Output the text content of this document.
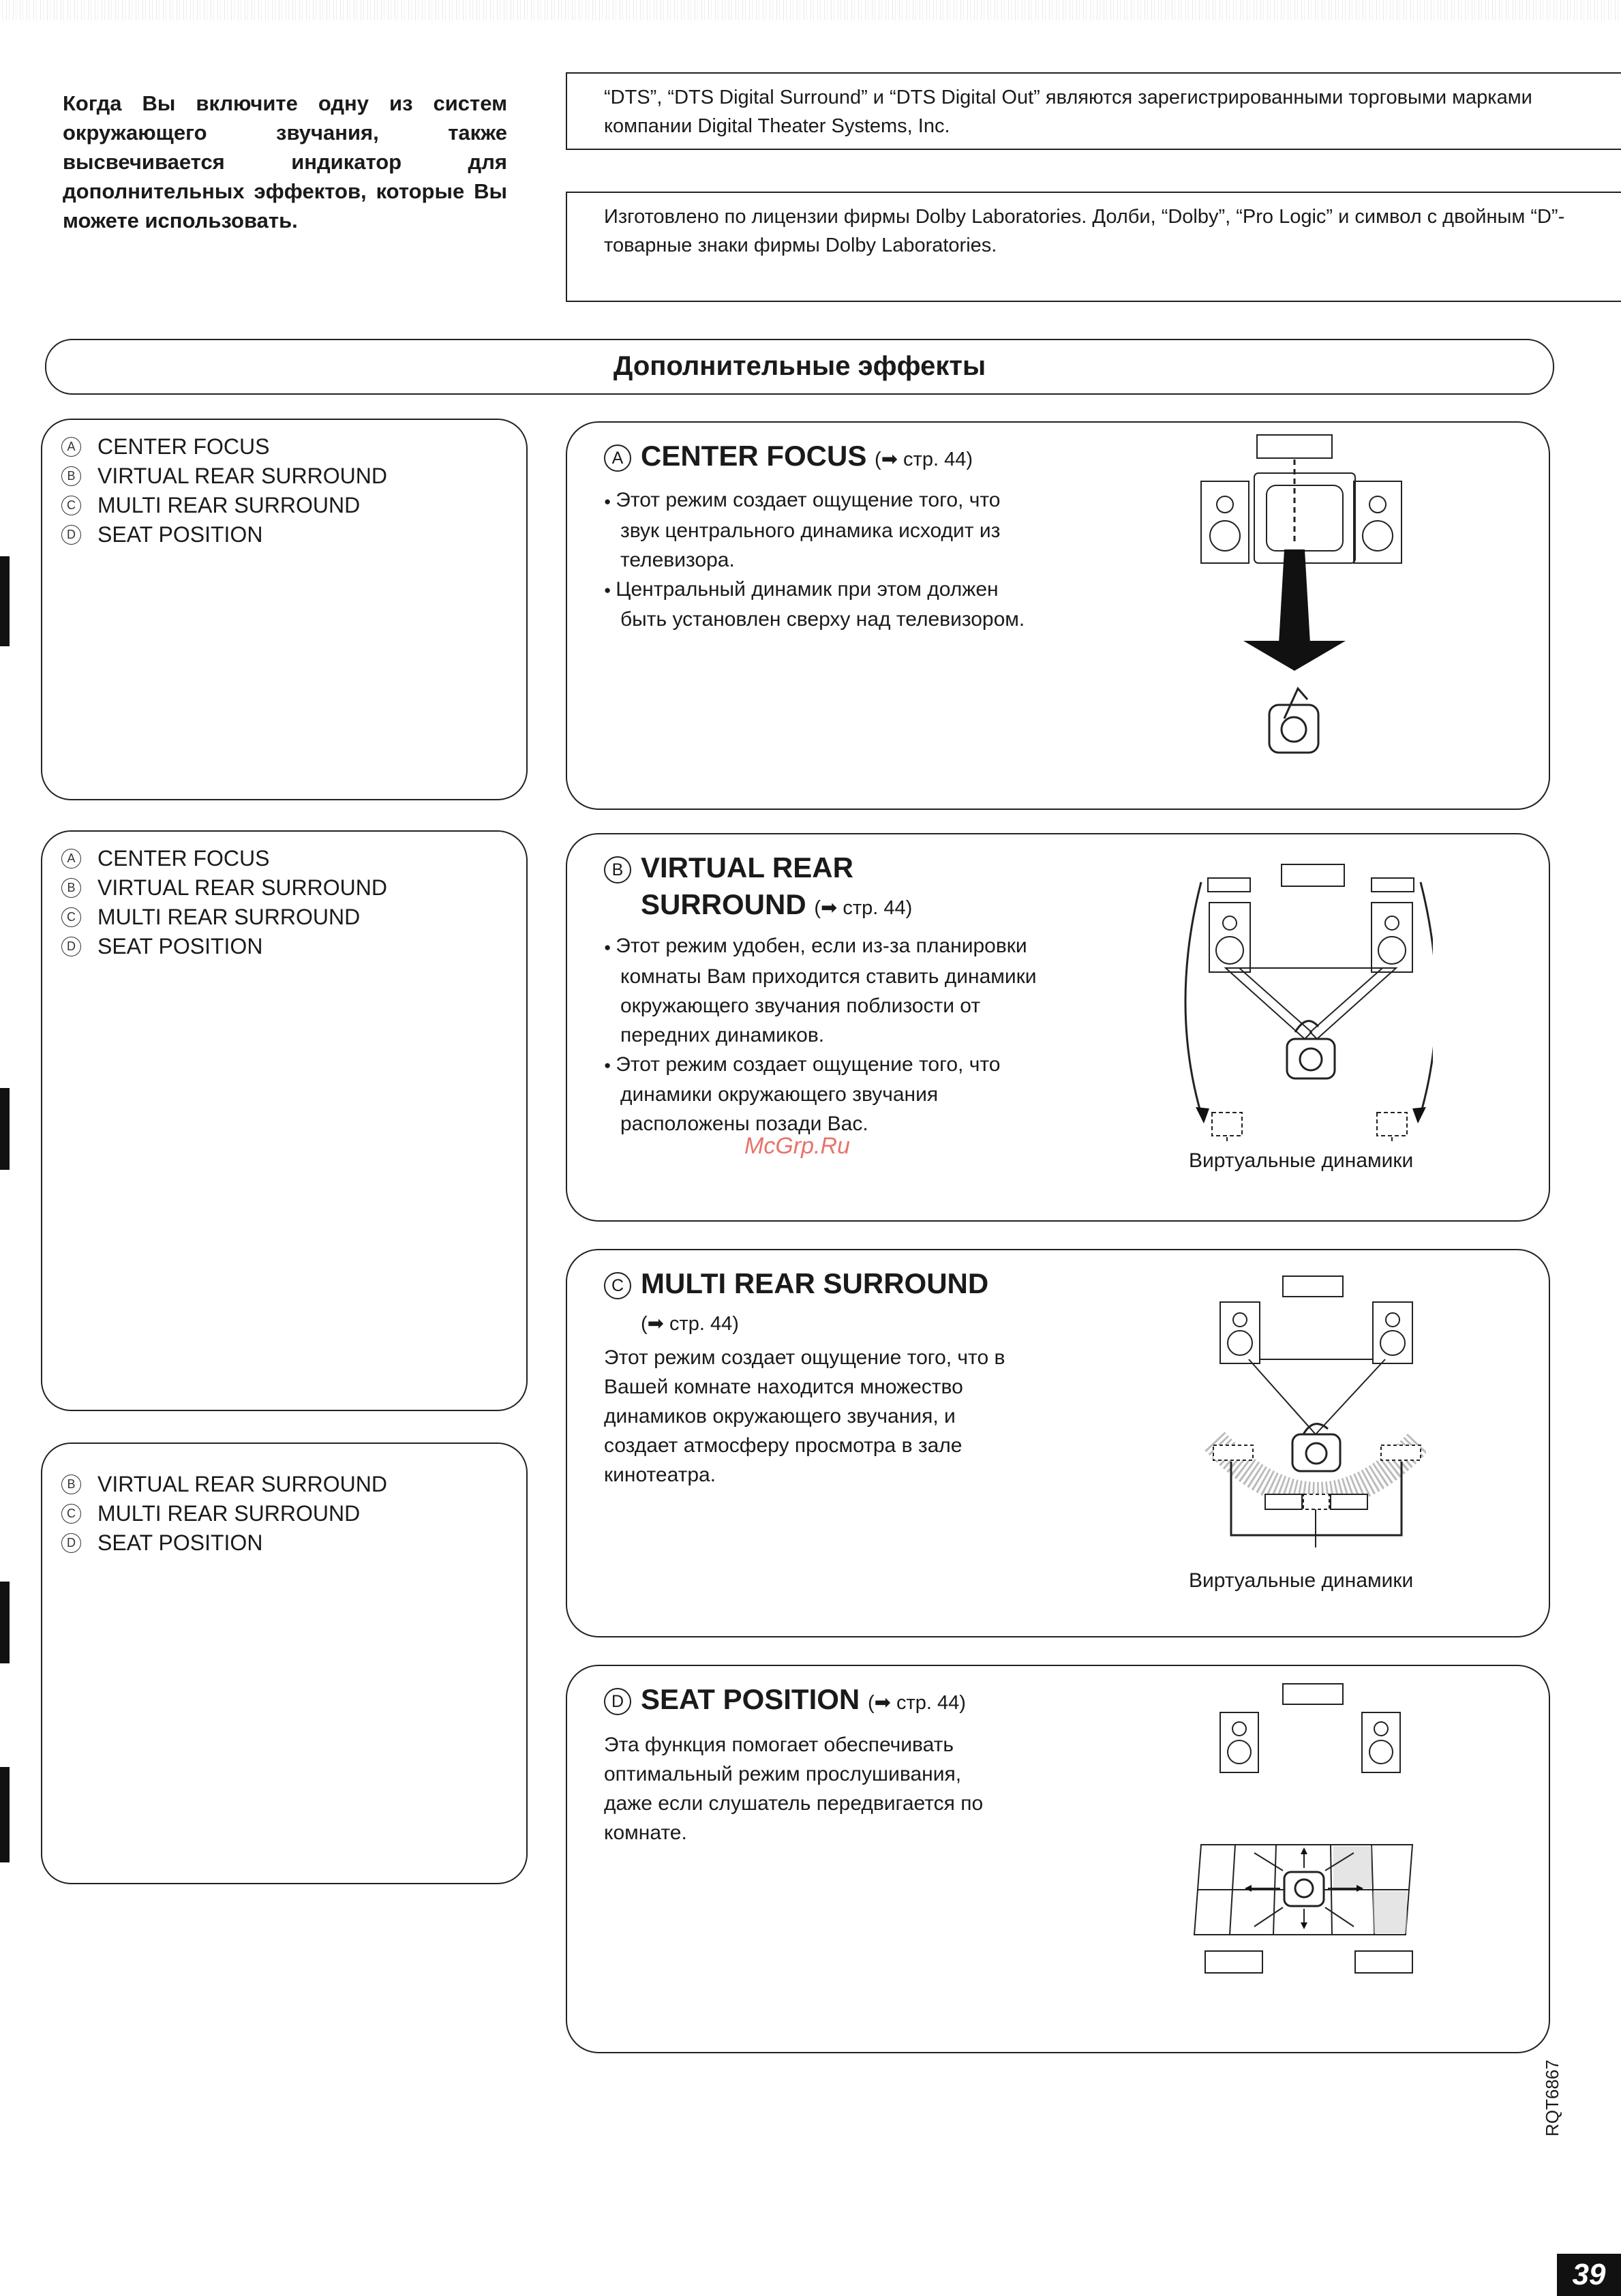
Когда Вы включите одну из систем окружающего звучания, также высвечивается индикатор для дополнительных эффектов, которые Вы можете использовать.
“DTS”, “DTS Digital Surround” и “DTS Digital Out” являются зарегистрированными торговыми марками компании Digital Theater Systems, Inc.
Изготовлено по лицензии фирмы Dolby Laboratories. Долби, “Dolby”, “Pro Logic” и символ с двойным “D”-товарные знаки фирмы Dolby Laboratories.
Дополнительные эффекты
A CENTER FOCUS
B VIRTUAL REAR SURROUND
C MULTI REAR SURROUND
D SEAT POSITION
A CENTER FOCUS
B VIRTUAL REAR SURROUND
C MULTI REAR SURROUND
D SEAT POSITION
B VIRTUAL REAR SURROUND
C MULTI REAR SURROUND
D SEAT POSITION
A CENTER FOCUS (➡ стр. 44)

● Этот режим создает ощущение того, что звук центрального динамика исходит из телевизора.

● Центральный динамик при этом должен быть установлен сверху над телевизором.

B VIRTUAL REAR
SURROUND (➡ стр. 44)

● Этот режим удобен, если из-за планировки комнаты Вам приходится ставить динамики окружающего звучания поблизости от передних динамиков.

● Этот режим создает ощущение того, что динамики окружающего звучания расположены позади Вас.

Виртуальные динамики
McGrp.Ru
C MULTI REAR SURROUND
(➡ стр. 44)

Этот режим создает ощущение того, что в Вашей комнате находится множество динамиков окружающего звучания, и создает атмосферу просмотра в зале кинотеатра.

Виртуальные динамики
D SEAT POSITION (➡ стр. 44)

Эта функция помогает обеспечивать оптимальный режим прослушивания, даже если слушатель передвигается по комнате.

RQT6867
39
